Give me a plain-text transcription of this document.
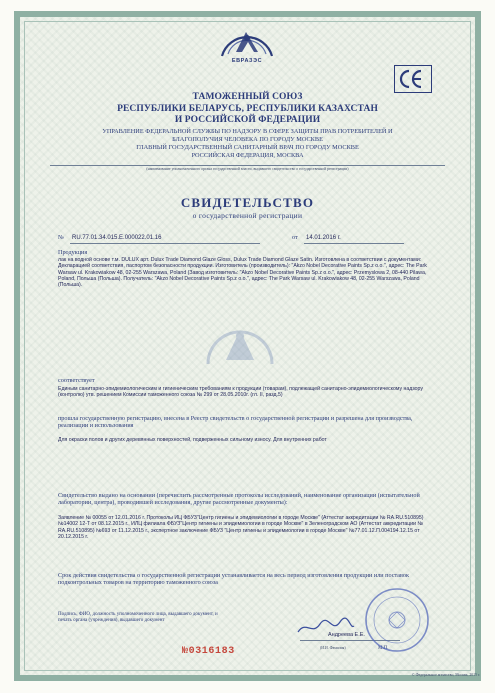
ЕВРАЗЭС
ТАМОЖЕННЫЙ СОЮЗ
РЕСПУБЛИКИ БЕЛАРУСЬ, РЕСПУБЛИКИ КАЗАХСТАН
И РОССИЙСКОЙ ФЕДЕРАЦИИ
УПРАВЛЕНИЕ ФЕДЕРАЛЬНОЙ СЛУЖБЫ ПО НАДЗОРУ В СФЕРЕ ЗАЩИТЫ ПРАВ ПОТРЕБИТЕЛЕЙ И
БЛАГОПОЛУЧИЯ ЧЕЛОВЕКА ПО ГОРОДУ МОСКВЕ
ГЛАВНЫЙ ГОСУДАРСТВЕННЫЙ САНИТАРНЫЙ ВРАЧ ПО ГОРОДУ МОСКВЕ
РОССИЙСКАЯ ФЕДЕРАЦИЯ, МОСКВА
(наименование уполномоченного органа государственной власти, выдавшего свидетельство о государственной регистрации)
СВИДЕТЕЛЬСТВО
о государственной регистрации
№ RU.77.01.34.015.Е.000022.01.16	от 14.01.2016 г.
Продукция
лак на водной основе т.м. DULUX арт. Dulux Trade Diamond Glaze Gloss, Dulux Trade Diamond Glaze Satin. Изготовлена в соответствии с документами: Декларацией соответствия, паспортом безопасности продукции. Изготовитель (производитель): "Akzo Nobel Decorative Paints Sp.z o.o.", адрес: The Park Warsaw ul. Krakowiakow 48, 02-255 Warszawa, Poland (Завод изготовитель: "Akzo Nobel Decorative Paints Sp.z o.o.", адрес: Przemyslowa 2, 08-440 Pilawa, Poland, Польша (Польша). Получатель: "Akzo Nobel Decorative Paints Sp.z o.o.", адрес: The Park Warsaw ul. Krakowiakow 48, 02-255 Warszawa, Poland (Польша).
соответствует
Единым санитарно-эпидемиологическим и гигиеническим требованиям к продукции (товарам), подлежащей санитарно-эпидемиологическому надзору (контролю) утв. решением Комиссии таможенного союза № 299 от 28.05.2010г. (гл. II, разд.5)
прошла государственную регистрацию, внесена в Реестр свидетельств о государственной регистрации и разрешена для производства, реализации и использования
Для окраски полов и других деревянных поверхностей, подверженных сильному износу. Для внутренних работ
Свидетельство выдано на основании (перечислить рассмотренные протоколы исследований, наименование организации (испытательной лаборатории, центра), проводившей исследования, другие рассмотренные документы):
Заявление № 00055 от 12.01.2016 г. Протоколы ИЦ ФБУЗ"Центр гигиены и эпидемиологии в городе Москве" (Аттестат аккредитации № RA.RU.510895) №14002 12-Т от 08.12.2015 г., ИЛЦ филиала ФБУЗ"Центр гигиены и эпидемиологии в городе Москве" в Зеленоградском АО (Аттестат аккредитации № RA.RU.510895) №693 от 11.12.2015 г., экспертное заключение ФБУЗ "Центр гигиены и эпидемиологии в городе Москве" №77.01.12.П.004194.12.15 от 20.12.2015 г.
Срок действия свидетельства о государственной регистрации устанавливается на весь период изготовления продукции или поставок подконтрольных товаров на территорию таможенного союза
Подпись, ФИО, должность уполномоченного лица, выдавшего документ, и печать органа (учреждения), выдавшего документ
Андреева Е.Е.
М.П.
(И.И. Фамилия)
№0316183
© Федеральное агентство, Москва, 2015 г.
